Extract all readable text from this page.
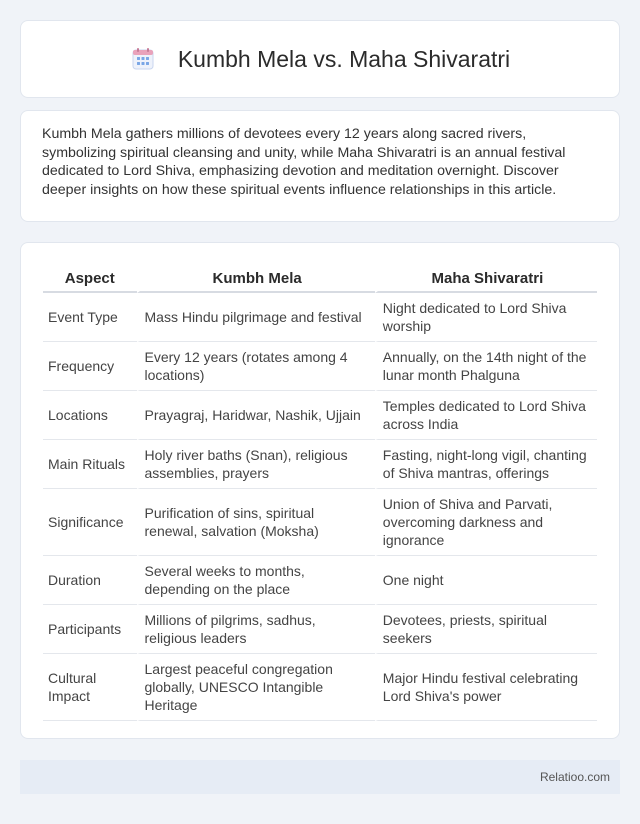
Kumbh Mela vs. Maha Shivaratri

Kumbh Mela gathers millions of devotees every 12 years along sacred rivers, symbolizing spiritual cleansing and unity, while Maha Shivaratri is an annual festival dedicated to Lord Shiva, emphasizing devotion and meditation overnight. Discover deeper insights on how these spiritual events influence relationships in this article.

Aspect	Kumbh Mela	Maha Shivaratri
Event Type	Mass Hindu pilgrimage and festival	Night dedicated to Lord Shiva worship
Frequency	Every 12 years (rotates among 4 locations)	Annually, on the 14th night of the lunar month Phalguna
Locations	Prayagraj, Haridwar, Nashik, Ujjain	Temples dedicated to Lord Shiva across India
Main Rituals	Holy river baths (Snan), religious assemblies, prayers	Fasting, night-long vigil, chanting of Shiva mantras, offerings
Significance	Purification of sins, spiritual renewal, salvation (Moksha)	Union of Shiva and Parvati, overcoming darkness and ignorance
Duration	Several weeks to months, depending on the place	One night
Participants	Millions of pilgrims, sadhus, religious leaders	Devotees, priests, spiritual seekers
Cultural Impact	Largest peaceful congregation globally, UNESCO Intangible Heritage	Major Hindu festival celebrating Lord Shiva's power
Relatioo.com
